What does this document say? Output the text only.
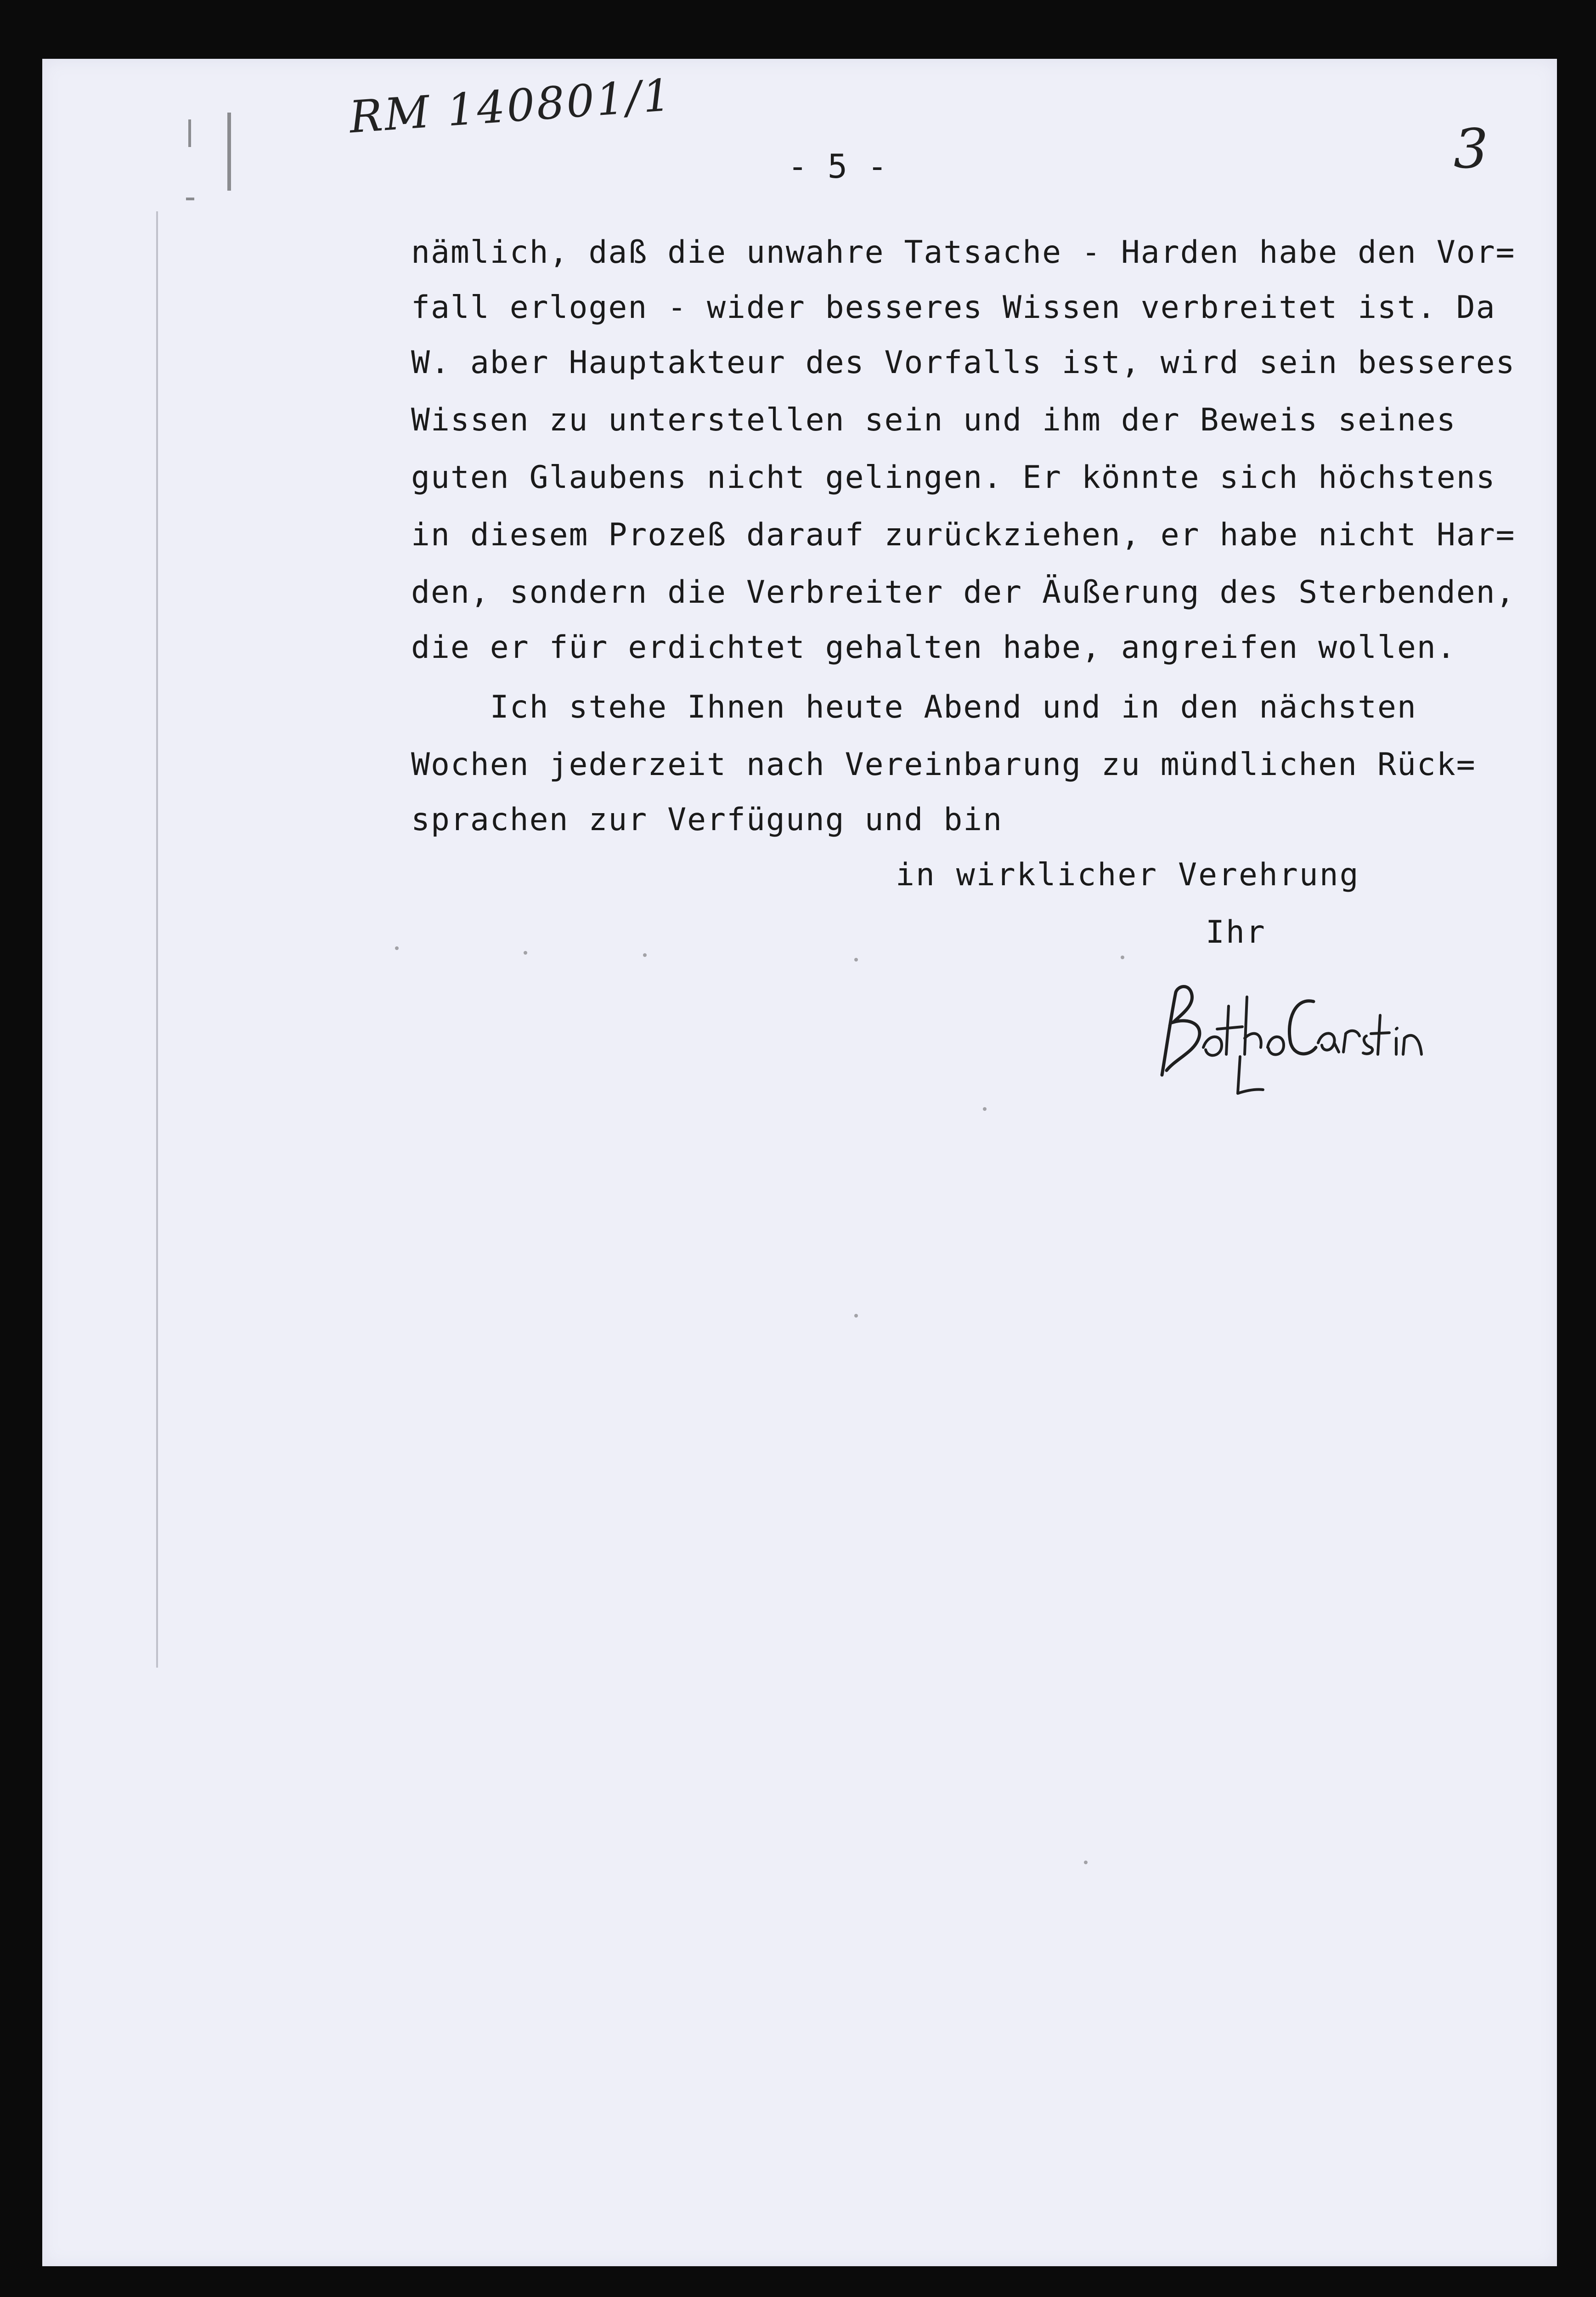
RM 140801/1
3
- 5 -
nämlich, daß die unwahre Tatsache - Harden habe den Vor=
fall erlogen - wider besseres Wissen verbreitet ist. Da
W. aber Hauptakteur des Vorfalls ist, wird sein besseres
Wissen zu unterstellen sein und ihm der Beweis seines
guten Glaubens nicht gelingen. Er könnte sich höchstens
in diesem Prozeß darauf zurückziehen, er habe nicht Har=
den, sondern die Verbreiter der Äußerung des Sterbenden,
die er für erdichtet gehalten habe, angreifen wollen.
Ich stehe Ihnen heute Abend und in den nächsten
Wochen jederzeit nach Vereinbarung zu mündlichen Rück=
sprachen zur Verfügung und bin
in wirklicher Verehrung
Ihr
